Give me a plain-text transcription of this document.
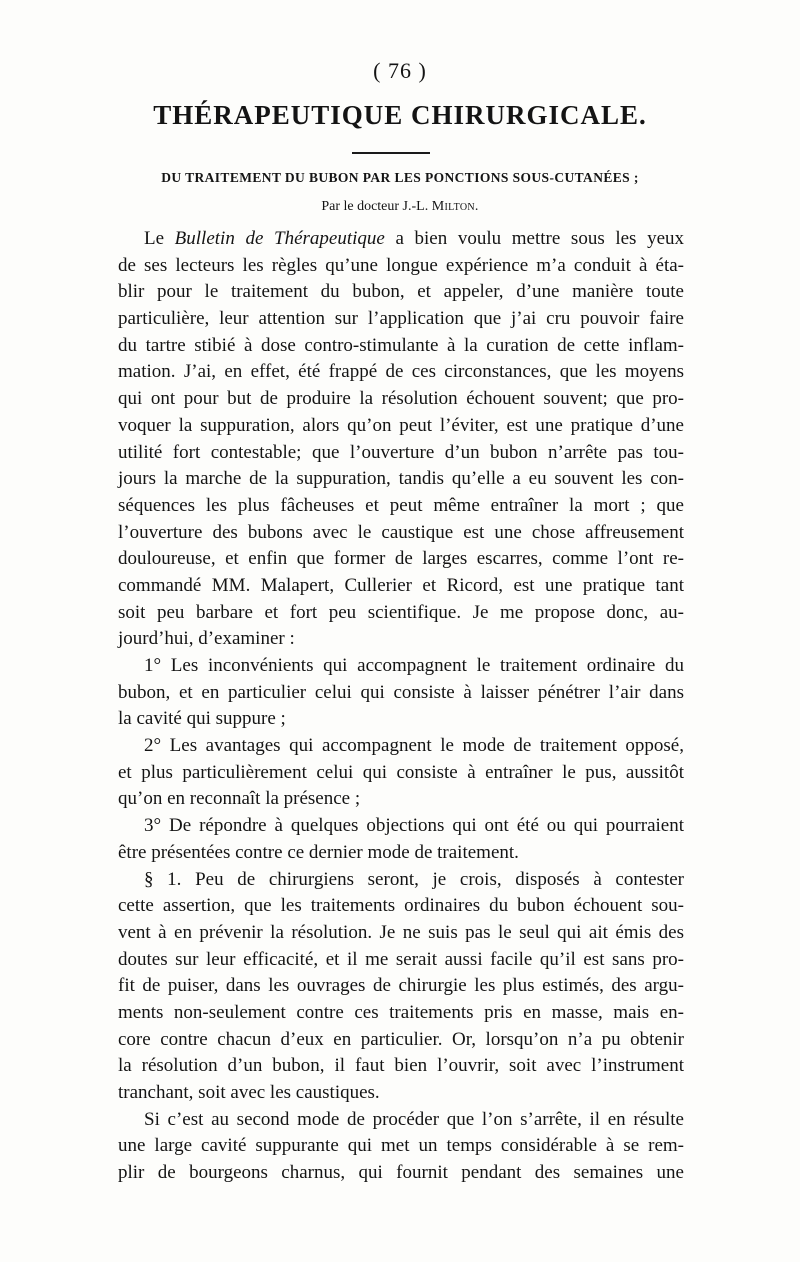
( 76 )
THÉRAPEUTIQUE CHIRURGICALE.
DU TRAITEMENT DU BUBON PAR LES PONCTIONS SOUS-CUTANÉES ;
Par le docteur J.-L. Milton.
Le Bulletin de Thérapeutique a bien voulu mettre sous les yeux
de ses lecteurs les règles qu’une longue expérience m’a conduit à éta-
blir pour le traitement du bubon, et appeler, d’une manière toute
particulière, leur attention sur l’application que j’ai cru pouvoir faire
du tartre stibié à dose contro-stimulante à la curation de cette inflam-
mation. J’ai, en effet, été frappé de ces circonstances, que les moyens
qui ont pour but de produire la résolution échouent souvent; que pro-
voquer la suppuration, alors qu’on peut l’éviter, est une pratique d’une
utilité fort contestable; que l’ouverture d’un bubon n’arrête pas tou-
jours la marche de la suppuration, tandis qu’elle a eu souvent les con-
séquences les plus fâcheuses et peut même entraîner la mort ; que
l’ouverture des bubons avec le caustique est une chose affreusement
douloureuse, et enfin que former de larges escarres, comme l’ont re-
commandé MM. Malapert, Cullerier et Ricord, est une pratique tant
soit peu barbare et fort peu scientifique. Je me propose donc, au-
jourd’hui, d’examiner :
1° Les inconvénients qui accompagnent le traitement ordinaire du
bubon, et en particulier celui qui consiste à laisser pénétrer l’air dans
la cavité qui suppure ;
2° Les avantages qui accompagnent le mode de traitement opposé,
et plus particulièrement celui qui consiste à entraîner le pus, aussitôt
qu’on en reconnaît la présence ;
3° De répondre à quelques objections qui ont été ou qui pourraient
être présentées contre ce dernier mode de traitement.
§ 1. Peu de chirurgiens seront, je crois, disposés à contester
cette assertion, que les traitements ordinaires du bubon échouent sou-
vent à en prévenir la résolution. Je ne suis pas le seul qui ait émis des
doutes sur leur efficacité, et il me serait aussi facile qu’il est sans pro-
fit de puiser, dans les ouvrages de chirurgie les plus estimés, des argu-
ments non-seulement contre ces traitements pris en masse, mais en-
core contre chacun d’eux en particulier. Or, lorsqu’on n’a pu obtenir
la résolution d’un bubon, il faut bien l’ouvrir, soit avec l’instrument
tranchant, soit avec les caustiques.
Si c’est au second mode de procéder que l’on s’arrête, il en résulte
une large cavité suppurante qui met un temps considérable à se rem-
plir de bourgeons charnus, qui fournit pendant des semaines une
